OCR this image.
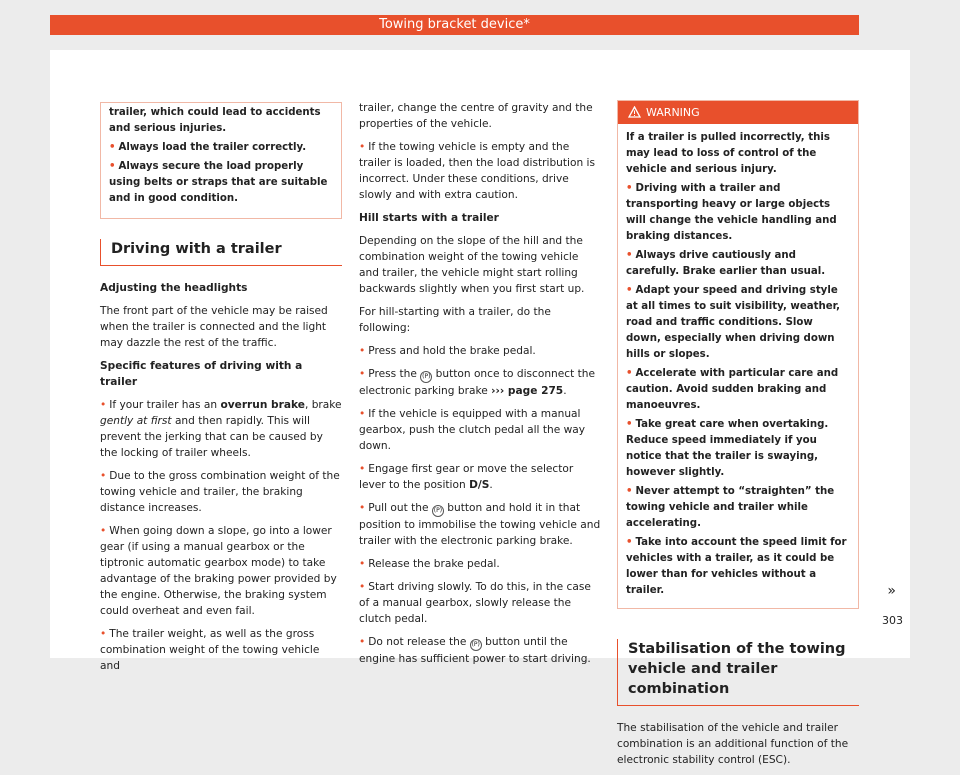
Towing bracket device*

trailer, which could lead to accidents and serious injuries.

• Always load the trailer correctly.

• Always secure the load properly using belts or straps that are suitable and in good condition.

Driving with a trailer

Adjusting the headlights

The front part of the vehicle may be raised when the trailer is connected and the light may dazzle the rest of the traffic.

Specific features of driving with a trailer

• If your trailer has an overrun brake, brake gently at first and then rapidly. This will prevent the jerking that can be caused by the locking of trailer wheels.

• Due to the gross combination weight of the towing vehicle and trailer, the braking distance increases.

• When going down a slope, go into a lower gear (if using a manual gearbox or the tiptronic automatic gearbox mode) to take advantage of the braking power provided by the engine. Otherwise, the braking system could overheat and even fail.

• The trailer weight, as well as the gross combination weight of the towing vehicle and

trailer, change the centre of gravity and the properties of the vehicle.

• If the towing vehicle is empty and the trailer is loaded, then the load distribution is incorrect. Under these conditions, drive slowly and with extra caution.

Hill starts with a trailer

Depending on the slope of the hill and the combination weight of the towing vehicle and trailer, the vehicle might start rolling backwards slightly when you first start up.

For hill-starting with a trailer, do the following:

• Press and hold the brake pedal.

• Press the (P) button once to disconnect the electronic parking brake ››› page 275.

• If the vehicle is equipped with a manual gearbox, push the clutch pedal all the way down.

• Engage first gear or move the selector lever to the position D/S.

• Pull out the (P) button and hold it in that position to immobilise the towing vehicle and trailer with the electronic parking brake.

• Release the brake pedal.

• Start driving slowly. To do this, in the case of a manual gearbox, slowly release the clutch pedal.

• Do not release the (P) button until the engine has sufficient power to start driving.

WARNING

If a trailer is pulled incorrectly, this may lead to loss of control of the vehicle and serious injury.

• Driving with a trailer and transporting heavy or large objects will change the vehicle handling and braking distances.

• Always drive cautiously and carefully. Brake earlier than usual.

• Adapt your speed and driving style at all times to suit visibility, weather, road and traffic conditions. Slow down, especially when driving down hills or slopes.

• Accelerate with particular care and caution. Avoid sudden braking and manoeuvres.

• Take great care when overtaking. Reduce speed immediately if you notice that the trailer is swaying, however slightly.

• Never attempt to “straighten” the towing vehicle and trailer while accelerating.

• Take into account the speed limit for vehicles with a trailer, as it could be lower than for vehicles without a trailer.

Stabilisation of the towing vehicle and trailer combination

The stabilisation of the vehicle and trailer combination is an additional function of the electronic stability control (ESC).

»
303
